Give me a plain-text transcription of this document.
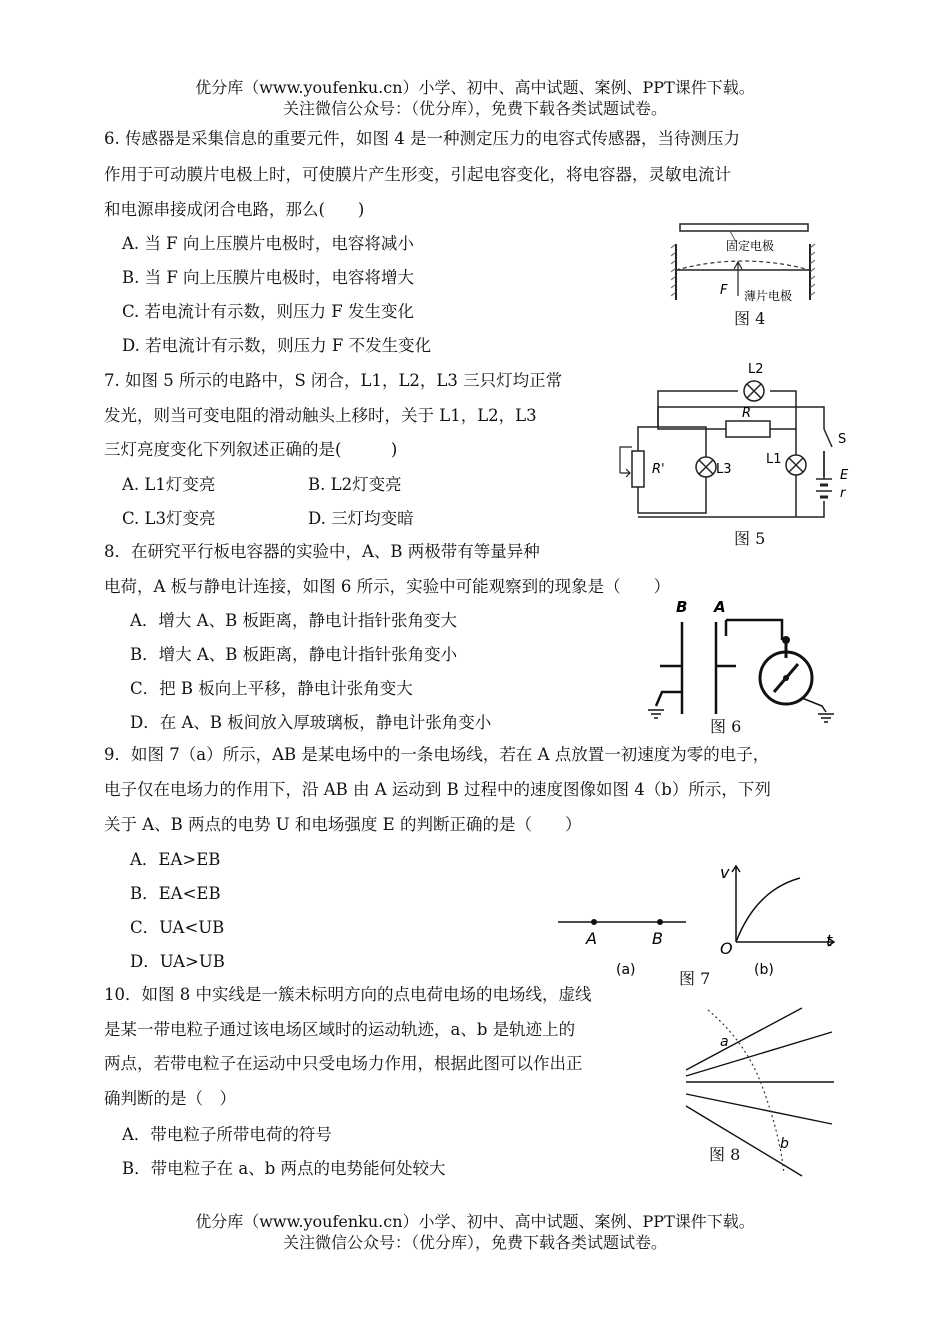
优分库（www.youfenku.cn）小学、初中、高中试题、案例、PPT课件下载。
关注微信公众号：（优分库），免费下载各类试题试卷。
6. 传感器是采集信息的重要元件，如图 4 是一种测定压力的电容式传感器，当待测压力
作用于可动膜片电极上时，可使膜片产生形变，引起电容变化，将电容器，灵敏电流计
和电源串接成闭合电路，那么(　　)
A. 当 F 向上压膜片电极时，电容将减小
B. 当 F 向上压膜片电极时，电容将增大
C. 若电流计有示数，则压力 F 发生变化
D. 若电流计有示数，则压力 F 不发生变化
固定电极
F 薄片电极
图 4
7. 如图 5 所示的电路中，S 闭合，L1，L2，L3 三只灯均正常
发光，则当可变电阻的滑动触头上移时，关于 L1，L2，L3
三灯亮度变化下列叙述正确的是(　　　)
A. L1灯变亮	B. L2灯变亮
C. L3灯变亮	D. 三灯均变暗
L2
R
L3
R'
L1
S
E
r
图 5
8．在研究平行板电容器的实验中，A、B 两极带有等量异种
电荷，A 板与静电计连接，如图 6 所示，实验中可能观察到的现象是（　　）
A．增大 A、B 板距离，静电计指针张角变大
B．增大 A、B 板距离，静电计指针张角变小
C．把 B 板向上平移，静电计张角变大
D．在 A、B 板间放入厚玻璃板，静电计张角变小
B A
图 6
9．如图 7（a）所示，AB 是某电场中的一条电场线，若在 A 点放置一初速度为零的电子，
电子仅在电场力的作用下，沿 AB 由 A 运动到 B 过程中的速度图像如图 4（b）所示，下列
关于 A、B 两点的电势 U 和电场强度 E 的判断正确的是（　　）
A．EA>EB
B．EA<EB
C．UA<UB
D．UA>UB
A	B
(a)
v
t
O
(b)
图 7
10．如图 8 中实线是一簇未标明方向的点电荷电场的电场线，虚线
是某一带电粒子通过该电场区域时的运动轨迹，a、b 是轨迹上的
两点，若带电粒子在运动中只受电场力作用，根据此图可以作出正
确判断的是（　）
A．带电粒子所带电荷的符号
B．带电粒子在 a、b 两点的电势能何处较大
a
b
图 8
优分库（www.youfenku.cn）小学、初中、高中试题、案例、PPT课件下载。
关注微信公众号：（优分库），免费下载各类试题试卷。
